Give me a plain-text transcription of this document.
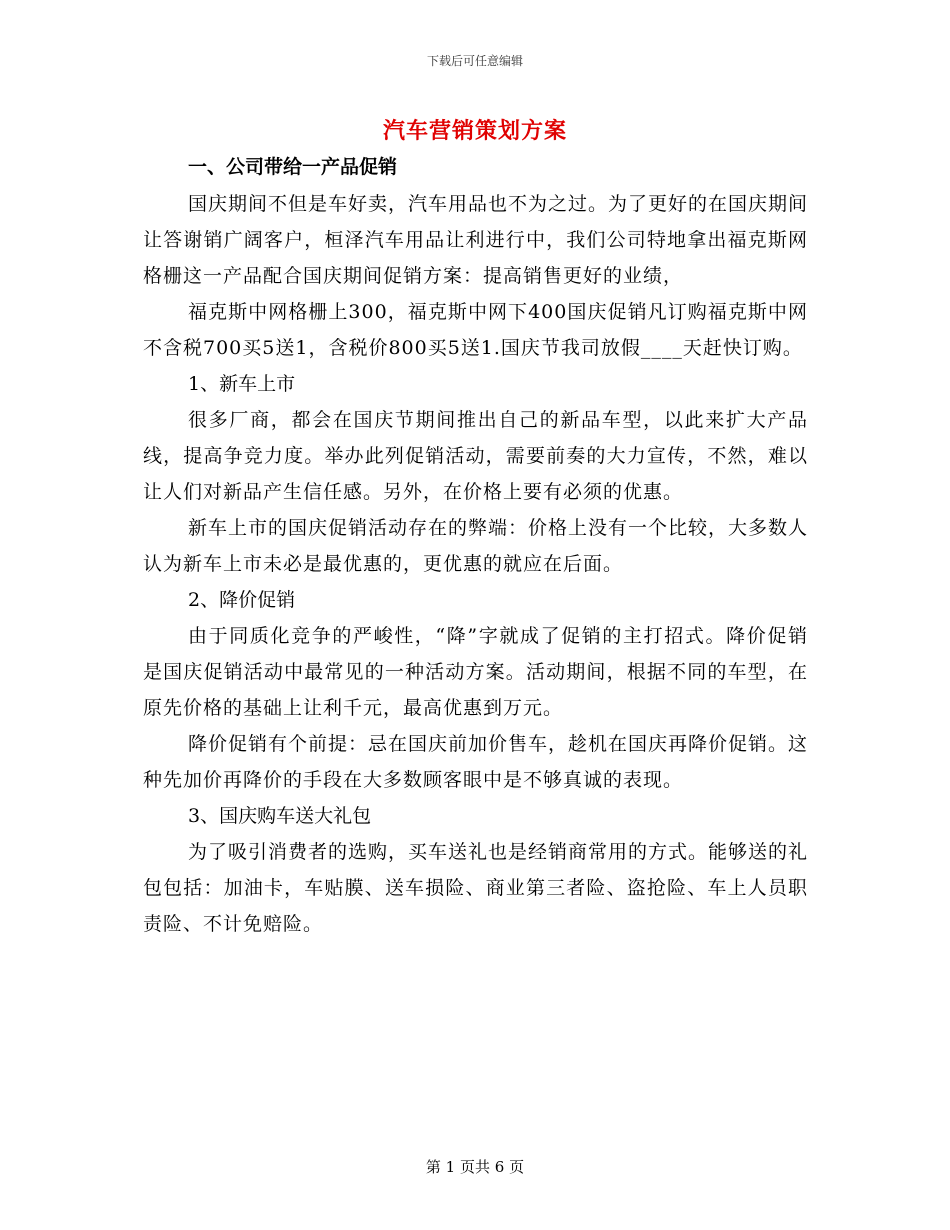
下载后可任意编辑
汽车营销策划方案
一、公司带给一产品促销

国庆期间不但是车好卖，汽车用品也不为之过。为了更好的在国庆期间让答谢销广阔客户，桓泽汽车用品让利进行中，我们公司特地拿出福克斯网格栅这一产品配合国庆期间促销方案：提高销售更好的业绩，

福克斯中网格栅上300，福克斯中网下400国庆促销凡订购福克斯中网不含税700买5送1，含税价800买5送1.国庆节我司放假____天赶快订购。

1、新车上市

很多厂商，都会在国庆节期间推出自己的新品车型，以此来扩大产品线，提高争竞力度。举办此列促销活动，需要前奏的大力宣传，不然，难以让人们对新品产生信任感。另外，在价格上要有必须的优惠。

新车上市的国庆促销活动存在的弊端：价格上没有一个比较，大多数人认为新车上市未必是最优惠的，更优惠的就应在后面。

2、降价促销

由于同质化竞争的严峻性，“降”字就成了促销的主打招式。降价促销是国庆促销活动中最常见的一种活动方案。活动期间，根据不同的车型，在原先价格的基础上让利千元，最高优惠到万元。

降价促销有个前提：忌在国庆前加价售车，趁机在国庆再降价促销。这种先加价再降价的手段在大多数顾客眼中是不够真诚的表现。

3、国庆购车送大礼包

为了吸引消费者的选购，买车送礼也是经销商常用的方式。能够送的礼包包括：加油卡，车贴膜、送车损险、商业第三者险、盗抢险、车上人员职责险、不计免赔险。

第 1 页共 6 页
